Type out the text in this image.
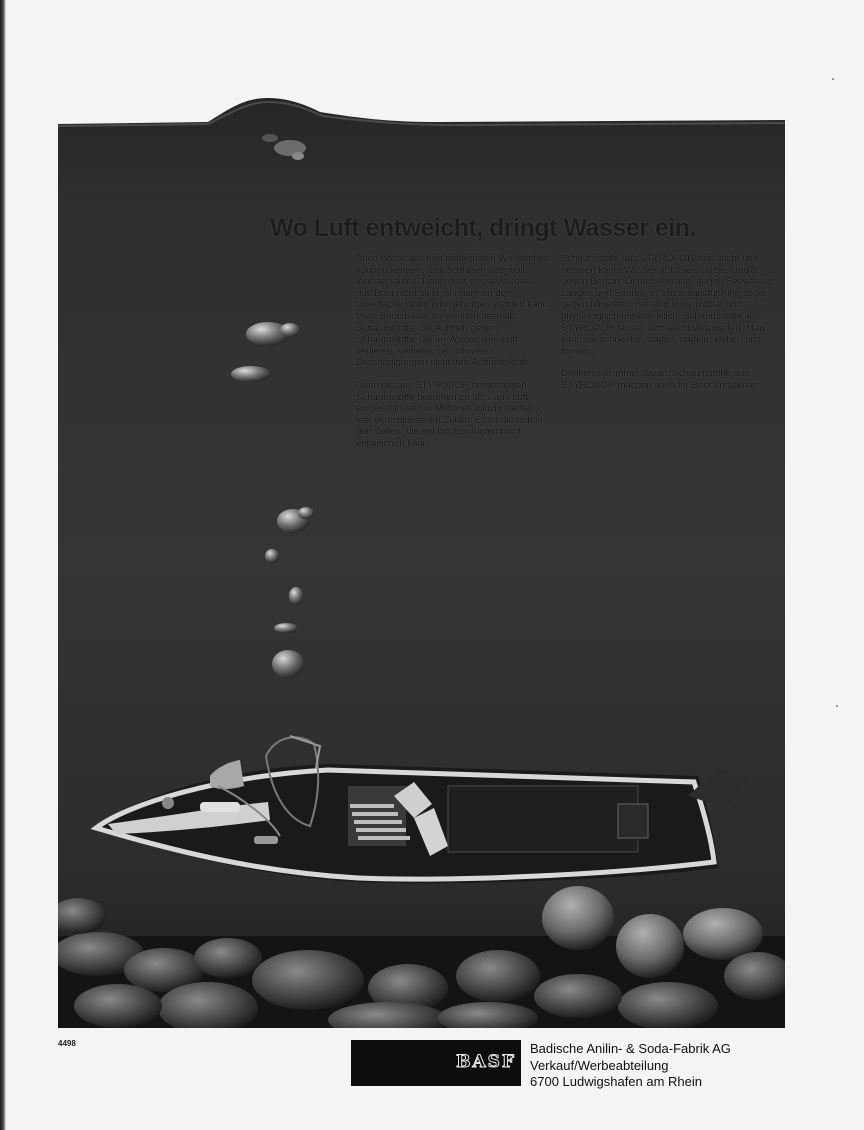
Wo Luft entweicht, dringt Wasser ein.

Auch Boote aus den modernsten Werkstoffen können kentern, leck schlagen oder voll Wasser laufen. Dann geht es darum, dass das Boot nicht sinkt, sondern an der Oberfläche bleibt und geborgen werden kann. Viele Bootsbauer verwenden deshalb Schaumstoffe, die Auftrieb geben. Schaumstoffe, die im Wasser ihre Luft verlieren, verlieren bei schweren Beschädigungen nicht ihre Auftriebskraft.

Denn die aus STYROPOR hergestellten Schaumstoffe bestehen zu 98% aus Luft, eingeschlossen in Millionen winzig kleinen, fest verschlossenen Zellen. Es ist die Luft in den Zellen, die bei Bootsschäden nicht entweichen kann.

Schaumstoffe aus STYROPOR sind leicht und nehmen kaum Wasser auf. Sie sind beständig gegen Benzin, Öl und Alterung, gegen Seewasser, Laugen und Säuren, in Spezialausführung sogar gegen Mineralöl. Sie sind unverrottbar und physiologisch unbedenklich. Schaumstoffe aus STYROPOR lassen sich leicht verarbeiten. Man kann sie schneiden, sägen, nageln, kleben und formen.

Denken Sie immer daran: Schaumstoffe aus STYROPOR machen auch Ihr Boot unsinkbar.

4498
BASF
Badische Anilin- & Soda-Fabrik AG
Verkauf/Werbeabteilung
6700 Ludwigshafen am Rhein
